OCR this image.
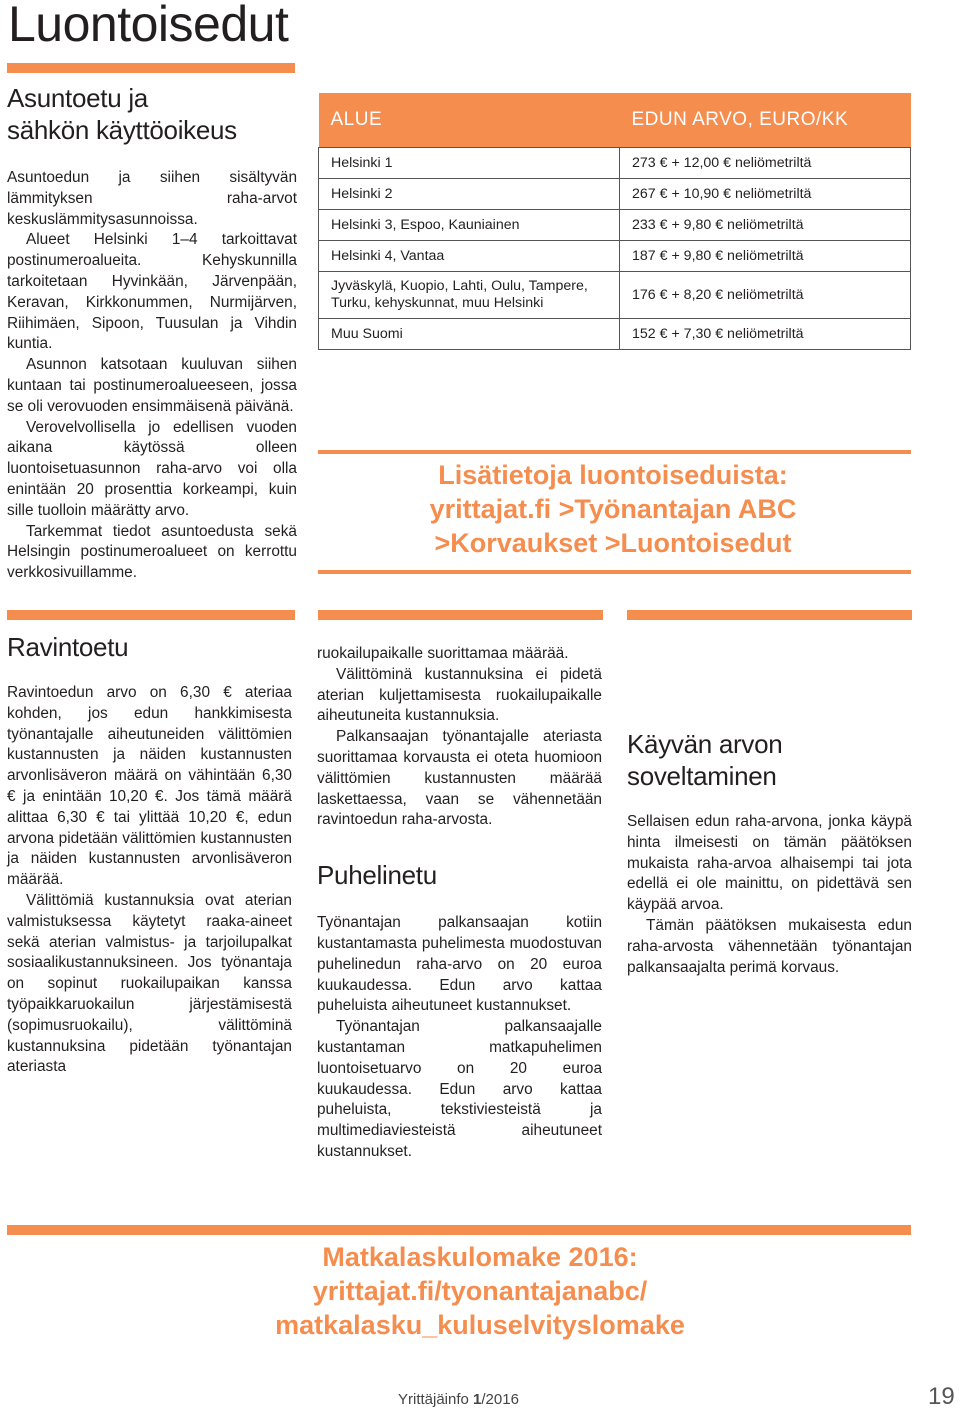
Luontoisedut
Asuntoetu ja
sähkön käyttöoikeus

Asuntoedun ja siihen sisältyvän lämmityksen raha-arvot keskuslämmitysasunnoissa.

Alueet Helsinki 1–4 tarkoittavat postinumeroalueita. Kehyskunnilla tarkoitetaan Hyvinkään, Järvenpään, Keravan, Kirkkonummen, Nurmijärven, Riihimäen, Sipoon, Tuusulan ja Vihdin kuntia.

Asunnon katsotaan kuuluvan siihen kuntaan tai postinumeroalueeseen, jossa se oli verovuoden ensimmäisenä päivänä.

Verovelvollisella jo edellisen vuoden aikana käytössä olleen luontoisetuasunnon raha-arvo voi olla enintään 20 prosenttia korkeampi, kuin sille tuolloin määrätty arvo.

Tarkemmat tiedot asuntoedusta sekä Helsingin postinumeroalueet on kerrottu verkkosivuillamme.

ALUE	EDUN ARVO, EURO/KK
Helsinki 1	273 € + 12,00 € neliömetriltä
Helsinki 2	267 € + 10,90 € neliömetriltä
Helsinki 3, Espoo, Kauniainen	233 € + 9,80 € neliömetriltä
Helsinki 4, Vantaa	187 € + 9,80 € neliömetriltä
Jyväskylä, Kuopio, Lahti, Oulu, Tampere, Turku, kehyskunnat, muu Helsinki	176 € + 8,20 € neliömetriltä
Muu Suomi	152 € + 7,30 € neliömetriltä
Lisätietoja luontoiseduista:
yrittajat.fi >Työnantajan ABC
>Korvaukset >Luontoisedut
Ravintoetu

Ravintoedun arvo on 6,30 € ateriaa kohden, jos edun hankkimisesta työnantajalle aiheutuneiden välittömien kustannusten ja näiden kustannusten arvonlisäveron määrä on vähintään 6,30 € ja enintään 10,20 €. Jos tämä määrä alittaa 6,30 € tai ylittää 10,20 €, edun arvona pidetään välittömien kustannusten ja näiden kustannusten arvonlisäveron määrää.

Välittömiä kustannuksia ovat aterian valmistuksessa käytetyt raaka-aineet sekä aterian valmistus- ja tarjoilupalkat sosiaalikustannuksineen. Jos työnantaja on sopinut ruokailupaikan kanssa työpaikkaruokailun järjestämisestä (sopimusruokailu), välittöminä kustannuksina pidetään työnantajan ateriasta

ruokailupaikalle suorittamaa määrää.

Välittöminä kustannuksina ei pidetä aterian kuljettamisesta ruokailupaikalle aiheutuneita kustannuksia.

Palkansaajan työnantajalle ateriasta suorittamaa korvausta ei oteta huomioon välittömien kustannusten määrää laskettaessa, vaan se vähennetään ravintoedun raha-arvosta.

Puhelinetu

Työnantajan palkansaajan kotiin kustantamasta puhelimesta muodostuvan puhelinedun raha-arvo on 20 euroa kuukaudessa. Edun arvo kattaa puheluista aiheutuneet kustannukset.

Työnantajan palkansaajalle kustantaman matkapuhelimen luontoisetuarvo on 20 euroa kuukaudessa. Edun arvo kattaa puheluista, tekstiviesteistä ja multimediaviesteistä aiheutuneet kustannukset.

Käyvän arvon
soveltaminen

Sellaisen edun raha-arvona, jonka käypä hinta ilmeisesti on tämän päätöksen mukaista raha-arvoa alhaisempi tai jota edellä ei ole mainittu, on pidettävä sen käypää arvoa.

Tämän päätöksen mukaisesta edun raha-arvosta vähennetään työnantajan palkansaajalta perimä korvaus.

Matkalaskulomake 2016:
yrittajat.fi/tyonantajanabc/
matkalasku_kuluselvityslomake
Yrittäjäinfo 1/2016	19
